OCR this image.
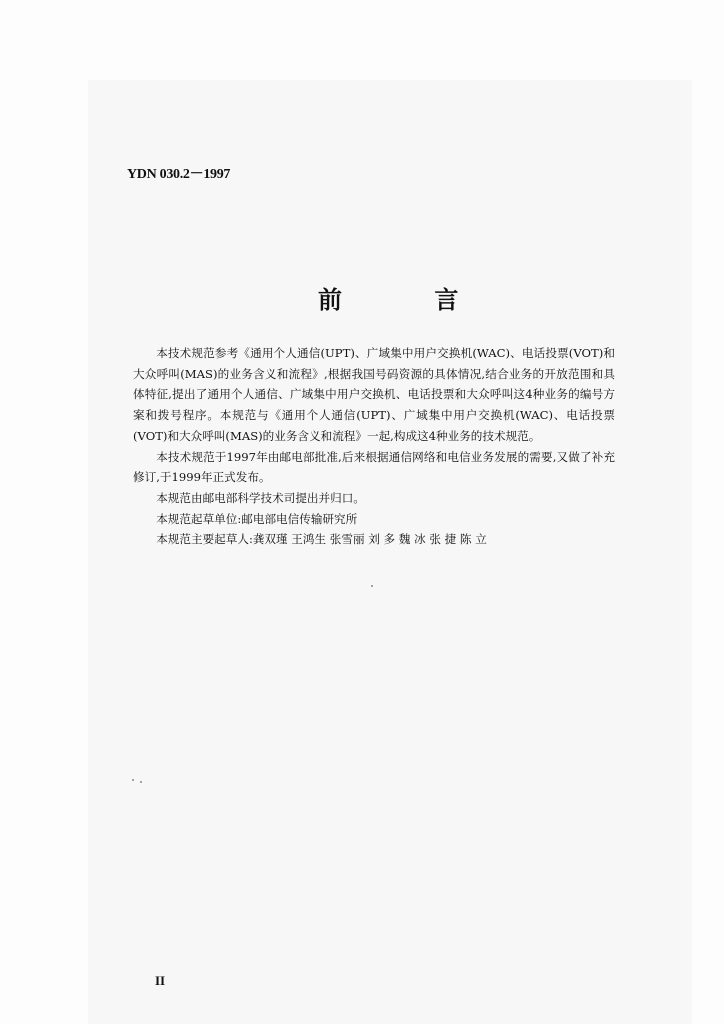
YDN 030.2－1997
前 言

本技术规范参考《通用个人通信(UPT)、广域集中用户交换机(WAC)、电话投票(VOT)和大众呼叫(MAS)的业务含义和流程》,根据我国号码资源的具体情况,结合业务的开放范围和具体特征,提出了通用个人通信、广域集中用户交换机、电话投票和大众呼叫这4种业务的编号方案和拨号程序。本规范与《通用个人通信(UPT)、广域集中用户交换机(WAC)、电话投票(VOT)和大众呼叫(MAS)的业务含义和流程》一起,构成这4种业务的技术规范。

本技术规范于1997年由邮电部批准,后来根据通信网络和电信业务发展的需要,又做了补充修订,于1999年正式发布。

本规范由邮电部科学技术司提出并归口。

本规范起草单位:邮电部电信传输研究所

本规范主要起草人:龚双瑾 王鸿生 张雪丽 刘 多 魏 冰 张 捷 陈 立

II
